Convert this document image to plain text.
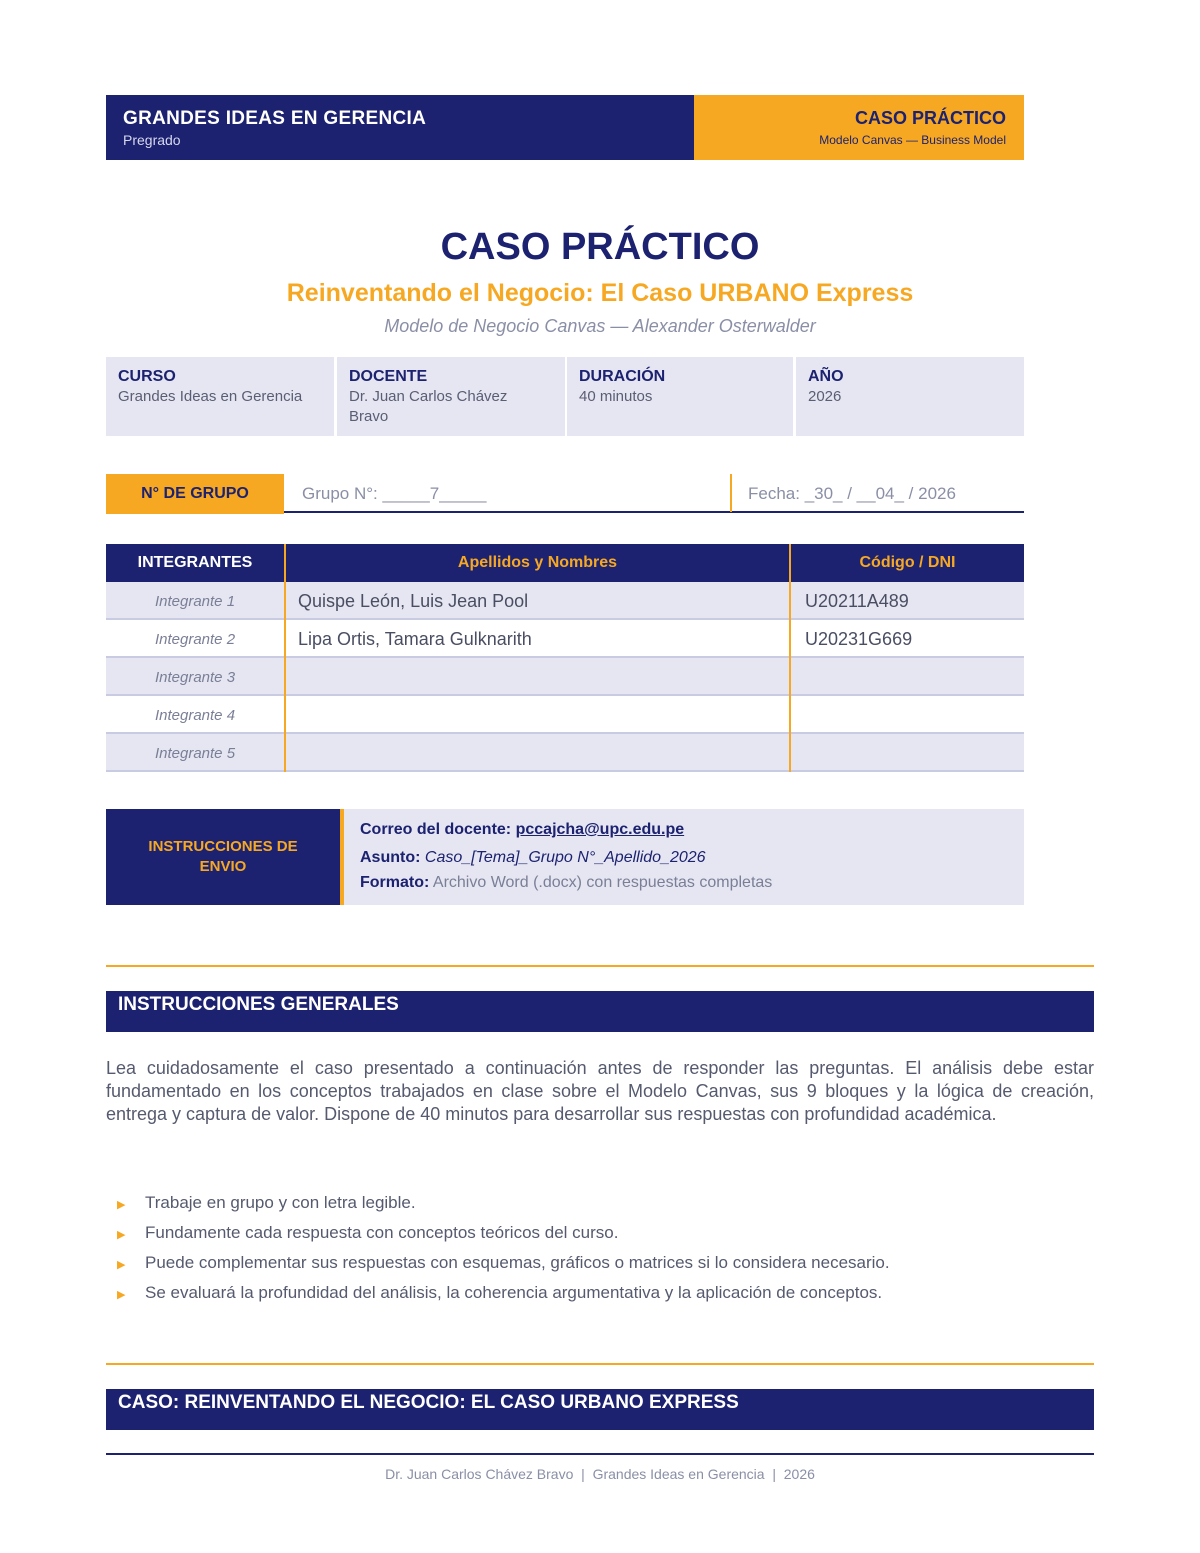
GRANDES IDEAS EN GERENCIA
Pregrado
CASO PRÁCTICO
Modelo Canvas — Business Model
CASO PRÁCTICO
Reinventando el Negocio: El Caso URBANO Express
Modelo de Negocio Canvas — Alexander Osterwalder
CURSO
Grandes Ideas en Gerencia
DOCENTE
Dr. Juan Carlos Chávez Bravo
DURACIÓN
40 minutos
AÑO
2026
N° DE GRUPO	Grupo N°: _____7_____	Fecha: _30_ / __04_ / 2026
INTEGRANTES	Apellidos y Nombres	Código / DNI
Integrante 1	Quispe León, Luis Jean Pool	U20211A489
Integrante 2	Lipa Ortis, Tamara Gulknarith	U20231G669
Integrante 3
Integrante 4
Integrante 5
INSTRUCCIONES DE
ENVIO
Correo del docente: pccajcha@upc.edu.pe
Asunto: Caso_[Tema]_Grupo N°_Apellido_2026
Formato: Archivo Word (.docx) con respuestas completas
INSTRUCCIONES GENERALES
Lea cuidadosamente el caso presentado a continuación antes de responder las preguntas. El análisis debe estar fundamentado en los conceptos trabajados en clase sobre el Modelo Canvas, sus 9 bloques y la lógica de creación, entrega y captura de valor. Dispone de 40 minutos para desarrollar sus respuestas con profundidad académica.
▶ Trabaje en grupo y con letra legible.
▶ Fundamente cada respuesta con conceptos teóricos del curso.
▶ Puede complementar sus respuestas con esquemas, gráficos o matrices si lo considera necesario.
▶ Se evaluará la profundidad del análisis, la coherencia argumentativa y la aplicación de conceptos.
CASO: REINVENTANDO EL NEGOCIO: EL CASO URBANO EXPRESS
Dr. Juan Carlos Chávez Bravo  |  Grandes Ideas en Gerencia  |  2026
